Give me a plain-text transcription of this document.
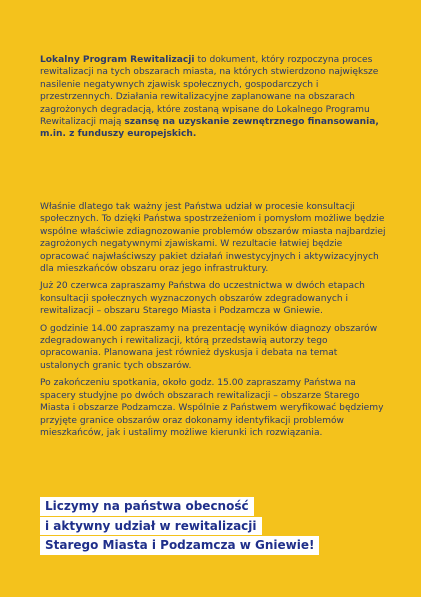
Lokalny Program Rewitalizacji to dokument, który rozpoczyna proces rewitalizacji na tych obszarach miasta, na których stwierdzono największe nasilenie negatywnych zjawisk społecznych, gospodarczych i przestrzennych. Działania rewitalizacyjne zaplanowane na obszarach zagrożonych degradacją, które zostaną wpisane do Lokalnego Programu Rewitalizacji mają szansę na uzyskanie zewnętrznego finansowania, m.in. z funduszy europejskich.

Właśnie dlatego tak ważny jest Państwa udział w procesie konsultacji społecznych. To dzięki Państwa spostrzeżeniom i pomysłom możliwe będzie wspólne właściwie zdiagnozowanie problemów obszarów miasta najbardziej zagrożonych negatywnymi zjawiskami. W rezultacie łatwiej będzie opracować najwłaściwszy pakiet działań inwestycyjnych i aktywizacyjnych dla mieszkańców obszaru oraz jego infrastruktury.

Już 20 czerwca zapraszamy Państwa do uczestnictwa w dwóch etapach konsultacji społecznych wyznaczonych obszarów zdegradowanych i rewitalizacji – obszaru Starego Miasta i Podzamcza w Gniewie.

O godzinie 14.00 zapraszamy na prezentację wyników diagnozy obszarów zdegradowanych i rewitalizacji, którą przedstawią autorzy tego opracowania. Planowana jest również dyskusja i debata na temat ustalonych granic tych obszarów.

Po zakończeniu spotkania, około godz. 15.00 zapraszamy Państwa na spacery studyjne po dwóch obszarach rewitalizacji – obszarze Starego Miasta i obszarze Podzamcza. Wspólnie z Państwem weryfikować będziemy przyjęte granice obszarów oraz dokonamy identyfikacji problemów mieszkańców, jak i ustalimy możliwe kierunki ich rozwiązania.

Liczymy na państwa obecność
i aktywny udział w rewitalizacji
Starego Miasta i Podzamcza w Gniewie!
